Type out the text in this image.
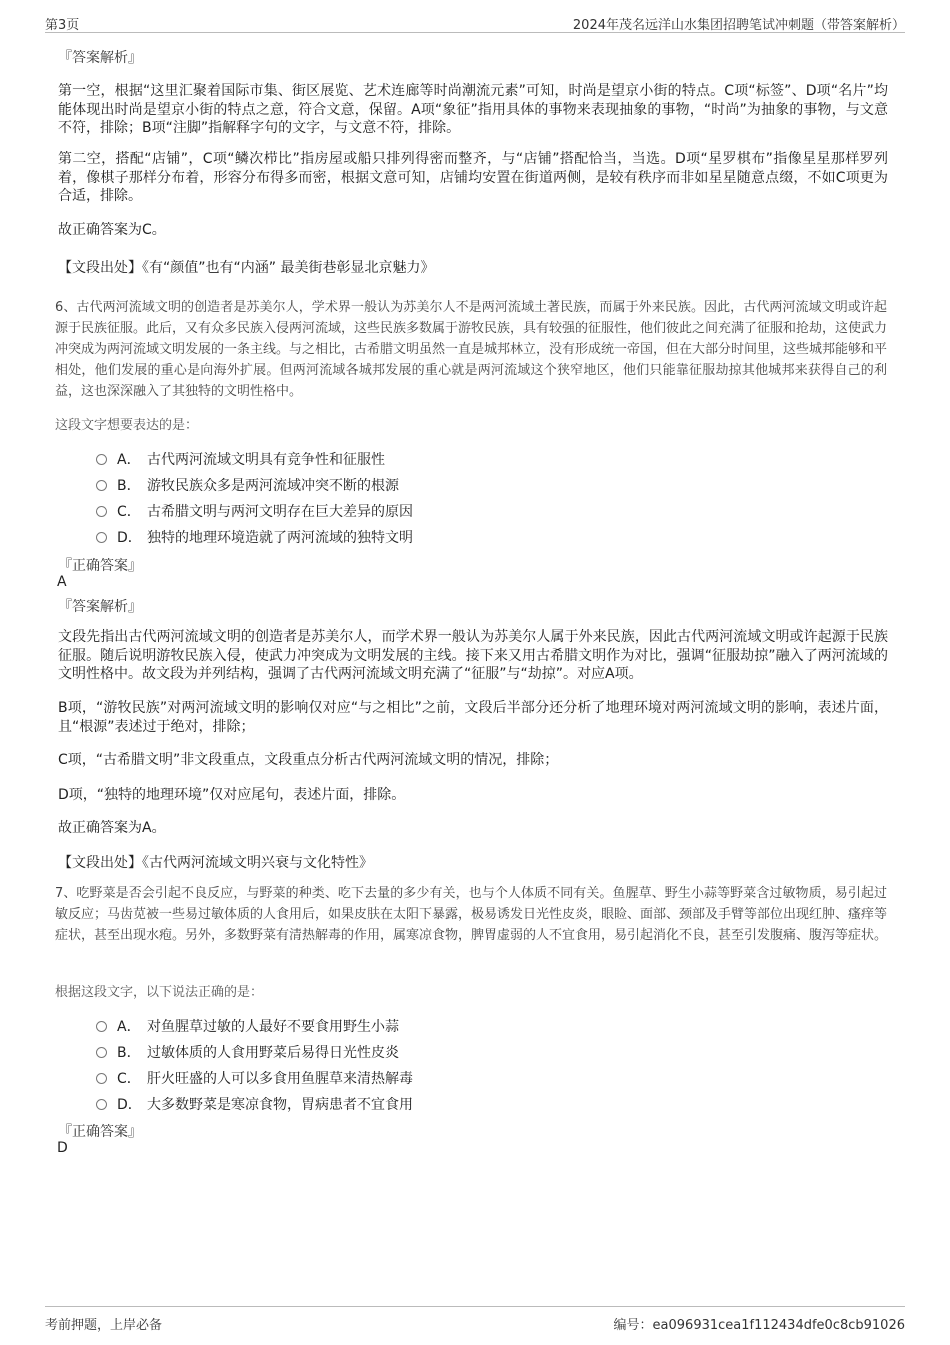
第3页	2024年茂名远洋山水集团招聘笔试冲刺题（带答案解析）
『答案解析』
第一空，根据“这里汇聚着国际市集、街区展览、艺术连廊等时尚潮流元素”可知，时尚是望京小街的特点。C项“标签”、D项“名片”均能体现出时尚是望京小街的特点之意，符合文意，保留。A项“象征”指用具体的事物来表现抽象的事物，“时尚”为抽象的事物，与文意不符，排除；B项“注脚”指解释字句的文字，与文意不符，排除。
第二空，搭配“店铺”，C项“鳞次栉比”指房屋或船只排列得密而整齐，与“店铺”搭配恰当，当选。D项“星罗棋布”指像星星那样罗列着，像棋子那样分布着，形容分布得多而密，根据文意可知，店铺均安置在街道两侧，是较有秩序而非如星星随意点缀，不如C项更为合适，排除。
故正确答案为C。
【文段出处】《有“颜值”也有“内涵” 最美街巷彰显北京魅力》
6、古代两河流域文明的创造者是苏美尔人，学术界一般认为苏美尔人不是两河流域土著民族，而属于外来民族。因此，古代两河流域文明或许起源于民族征服。此后，又有众多民族入侵两河流域，这些民族多数属于游牧民族，具有较强的征服性，他们彼此之间充满了征服和抢劫，这使武力冲突成为两河流域文明发展的一条主线。与之相比，古希腊文明虽然一直是城邦林立，没有形成统一帝国，但在大部分时间里，这些城邦能够和平相处，他们发展的重心是向海外扩展。但两河流域各城邦发展的重心就是两河流域这个狭窄地区，他们只能靠征服劫掠其他城邦来获得自己的利益，这也深深融入了其独特的文明性格中。
这段文字想要表达的是：
A． 古代两河流域文明具有竞争性和征服性
B． 游牧民族众多是两河流域冲突不断的根源
C． 古希腊文明与两河文明存在巨大差异的原因
D． 独特的地理环境造就了两河流域的独特文明
『正确答案』
A
『答案解析』
文段先指出古代两河流域文明的创造者是苏美尔人，而学术界一般认为苏美尔人属于外来民族，因此古代两河流域文明或许起源于民族征服。随后说明游牧民族入侵，使武力冲突成为文明发展的主线。接下来又用古希腊文明作为对比，强调“征服劫掠”融入了两河流域的文明性格中。故文段为并列结构，强调了古代两河流域文明充满了“征服”与“劫掠”。对应A项。
B项，“游牧民族”对两河流域文明的影响仅对应“与之相比”之前，文段后半部分还分析了地理环境对两河流域文明的影响，表述片面，且“根源”表述过于绝对，排除；
C项，“古希腊文明”非文段重点，文段重点分析古代两河流域文明的情况，排除；
D项，“独特的地理环境”仅对应尾句，表述片面，排除。
故正确答案为A。
【文段出处】《古代两河流域文明兴衰与文化特性》
7、吃野菜是否会引起不良反应，与野菜的种类、吃下去量的多少有关，也与个人体质不同有关。鱼腥草、野生小蒜等野菜含过敏物质，易引起过敏反应；马齿苋被一些易过敏体质的人食用后，如果皮肤在太阳下暴露，极易诱发日光性皮炎，眼睑、面部、颈部及手臂等部位出现红肿、瘙痒等症状，甚至出现水疱。另外，多数野菜有清热解毒的作用，属寒凉食物，脾胃虚弱的人不宜食用，易引起消化不良，甚至引发腹痛、腹泻等症状。
根据这段文字，以下说法正确的是：
A． 对鱼腥草过敏的人最好不要食用野生小蒜
B． 过敏体质的人食用野菜后易得日光性皮炎
C． 肝火旺盛的人可以多食用鱼腥草来清热解毒
D． 大多数野菜是寒凉食物，胃病患者不宜食用
『正确答案』
D
考前押题，上岸必备	编号：ea096931cea1f112434dfe0c8cb91026
